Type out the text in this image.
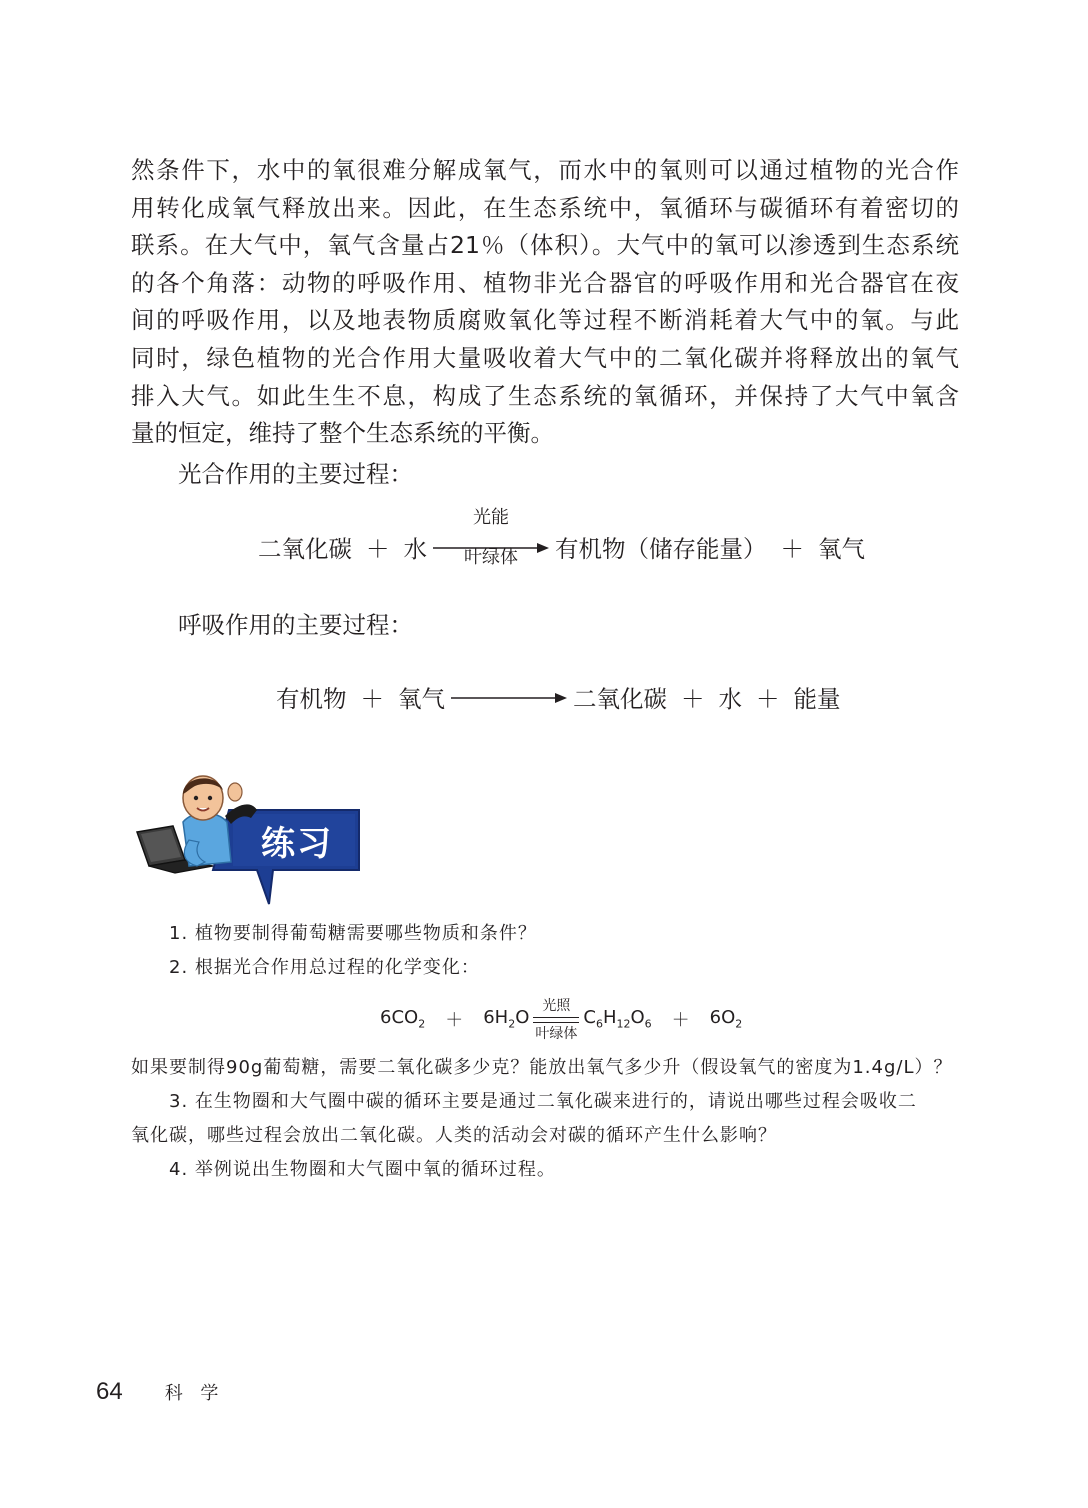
然条件下，水中的氧很难分解成氧气，而水中的氧则可以通过植物的光合作
用转化成氧气释放出来。因此，在生态系统中，氧循环与碳循环有着密切的
联系。在大气中，氧气含量占21％（体积）。大气中的氧可以渗透到生态系统
的各个角落：动物的呼吸作用、植物非光合器官的呼吸作用和光合器官在夜
间的呼吸作用，以及地表物质腐败氧化等过程不断消耗着大气中的氧。与此
同时，绿色植物的光合作用大量吸收着大气中的二氧化碳并将释放出的氧气
排入大气。如此生生不息，构成了生态系统的氧循环，并保持了大气中氧含
量的恒定，维持了整个生态系统的平衡。

光合作用的主要过程：
二氧化碳 ＋ 水
光能
叶绿体	有机物（储存能量） ＋ 氧气
呼吸作用的主要过程：
有机物 ＋ 氧气	二氧化碳 ＋ 水 ＋ 能量
练习

1. 植物要制得葡萄糖需要哪些物质和条件？

2. 根据光合作用总过程的化学变化：

$6CO_2 + 6H_2O \frac{\text{光照}}{\text{叶绿体}} C_6H_{12}O_6 + 6O_2$

如果要制得90g葡萄糖，需要二氧化碳多少克？能放出氧气多少升（假设氧气的密度为1.4g/L）？

3. 在生物圈和大气圈中碳的循环主要是通过二氧化碳来进行的，请说出哪些过程会吸收二

氧化碳，哪些过程会放出二氧化碳。人类的活动会对碳的循环产生什么影响？

4. 举例说出生物圈和大气圈中氧的循环过程。

64 科 学
